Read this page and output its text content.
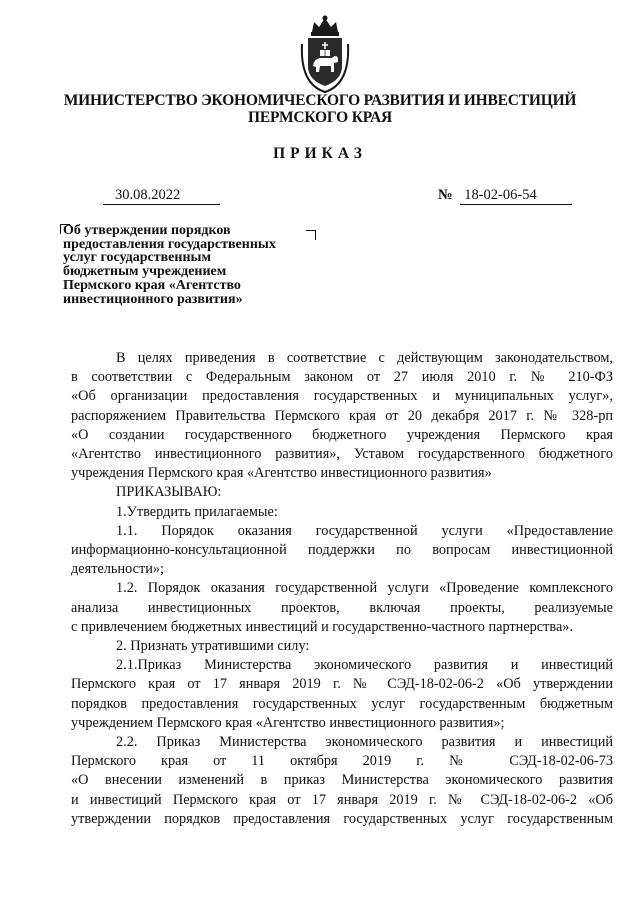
МИНИСТЕРСТВО ЭКОНОМИЧЕСКОГО РАЗВИТИЯ И ИНВЕСТИЦИЙ
ПЕРМСКОГО КРАЯ
ПРИКАЗ
30.08.2022	№ 18-02-06-54
Об утверждении порядков
предоставления государственных
услуг государственным
бюджетным учреждением
Пермского края «Агентство
инвестиционного развития»
В целях приведения в соответствие с действующим законодательством,
в соответствии с Федеральным законом от 27 июля 2010 г. № 210-ФЗ
«Об организации предоставления государственных и муниципальных услуг»,
распоряжением Правительства Пермского края от 20 декабря 2017 г. № 328-рп
«О создании государственного бюджетного учреждения Пермского края
«Агентство инвестиционного развития», Уставом государственного бюджетного
учреждения Пермского края «Агентство инвестиционного развития»
ПРИКАЗЫВАЮ:
1.Утвердить прилагаемые:
1.1. Порядок оказания государственной услуги «Предоставление
информационно-консультационной поддержки по вопросам инвестиционной
деятельности»;
1.2. Порядок оказания государственной услуги «Проведение комплексного
анализа инвестиционных проектов, включая проекты, реализуемые
с привлечением бюджетных инвестиций и государственно-частного партнерства».
2. Признать утратившими силу:
2.1.Приказ Министерства экономического развития и инвестиций
Пермского края от 17 января 2019 г. № СЭД-18-02-06-2 «Об утверждении
порядков предоставления государственных услуг государственным бюджетным
учреждением Пермского края «Агентство инвестиционного развития»;
2.2. Приказ Министерства экономического развития и инвестиций
Пермского края от 11 октября 2019 г. № СЭД-18-02-06-73
«О внесении изменений в приказ Министерства экономического развития
и инвестиций Пермского края от 17 января 2019 г. № СЭД-18-02-06-2 «Об
утверждении порядков предоставления государственных услуг государственным
